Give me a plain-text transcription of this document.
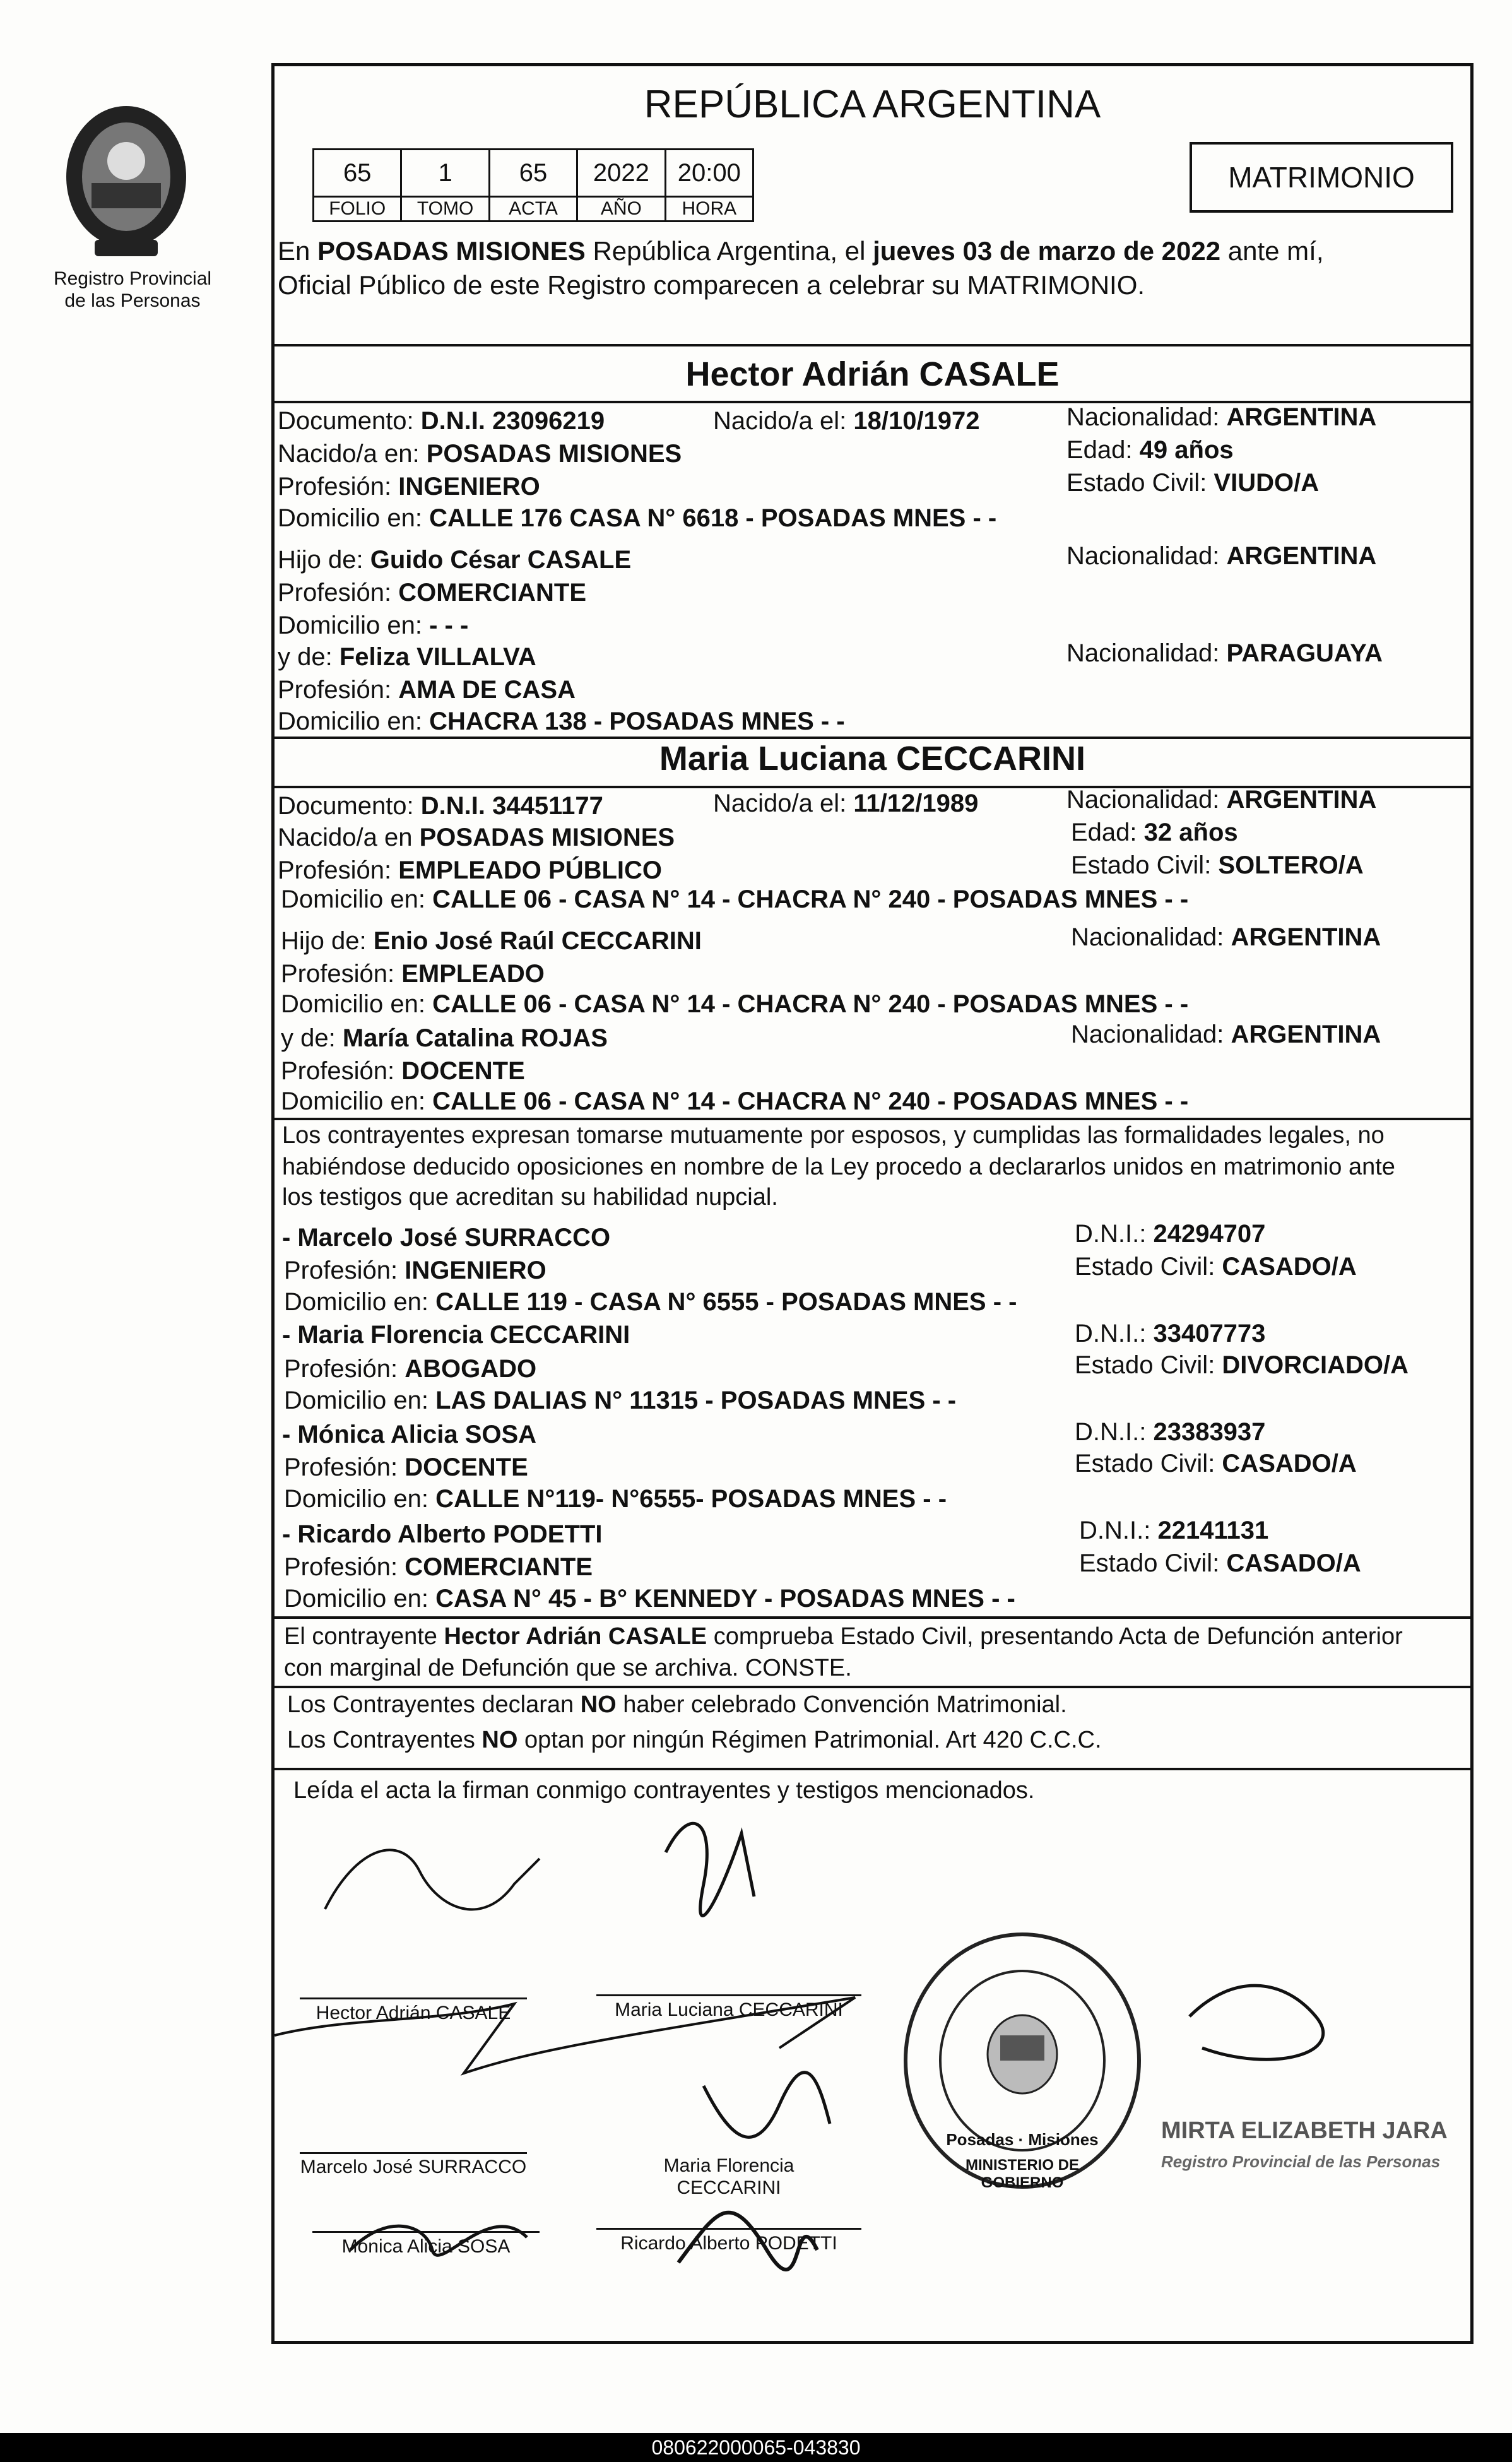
Registro Provincial
de las Personas
REPÚBLICA ARGENTINA
65	1	65	2022	20:00
FOLIO	TOMO	ACTA	AÑO	HORA
MATRIMONIO
En POSADAS MISIONES República Argentina, el jueves 03 de marzo de 2022 ante mí,
Oficial Público de este Registro comparecen a celebrar su MATRIMONIO.
Hector Adrián CASALE
Documento: D.N.I. 23096219	Nacido/a el: 18/10/1972	Nacionalidad: ARGENTINA
Nacido/a en: POSADAS MISIONES	Edad: 49 años
Profesión: INGENIERO	Estado Civil: VIUDO/A
Domicilio en: CALLE 176 CASA N° 6618 - POSADAS MNES - -
Hijo de: Guido César CASALE	Nacionalidad: ARGENTINA
Profesión: COMERCIANTE
Domicilio en: - - -
y de: Feliza VILLALVA	Nacionalidad: PARAGUAYA
Profesión: AMA DE CASA
Domicilio en: CHACRA 138 - POSADAS MNES - -
Maria Luciana CECCARINI
Documento: D.N.I. 34451177	Nacido/a el: 11/12/1989	Nacionalidad: ARGENTINA
Nacido/a en POSADAS MISIONES	Edad: 32 años
Profesión: EMPLEADO PÚBLICO	Estado Civil: SOLTERO/A
Domicilio en: CALLE 06 - CASA N° 14 - CHACRA N° 240 - POSADAS MNES - -
Hijo de: Enio José Raúl CECCARINI	Nacionalidad: ARGENTINA
Profesión: EMPLEADO
Domicilio en: CALLE 06 - CASA N° 14 - CHACRA N° 240 - POSADAS MNES - -
y de: María Catalina ROJAS	Nacionalidad: ARGENTINA
Profesión: DOCENTE
Domicilio en: CALLE 06 - CASA N° 14 - CHACRA N° 240 - POSADAS MNES - -
Los contrayentes expresan tomarse mutuamente por esposos, y cumplidas las formalidades legales, no
habiéndose deducido oposiciones en nombre de la Ley procedo a declararlos unidos en matrimonio ante
los testigos que acreditan su habilidad nupcial.
- Marcelo José SURRACCO
Profesión: INGENIERO
Domicilio en: CALLE 119 - CASA N° 6555 - POSADAS MNES - -
D.N.I.: 24294707
Estado Civil: CASADO/A
- Maria Florencia CECCARINI
Profesión: ABOGADO
Domicilio en: LAS DALIAS N° 11315 - POSADAS MNES - -
D.N.I.: 33407773
Estado Civil: DIVORCIADO/A
- Mónica Alicia SOSA
Profesión: DOCENTE
Domicilio en: CALLE N°119- N°6555- POSADAS MNES - -
D.N.I.: 23383937
Estado Civil: CASADO/A
- Ricardo Alberto PODETTI
Profesión: COMERCIANTE
Domicilio en: CASA N° 45 - B° KENNEDY - POSADAS MNES - -
D.N.I.: 22141131
Estado Civil: CASADO/A
El contrayente Hector Adrián CASALE comprueba Estado Civil, presentando Acta de Defunción anterior
con marginal de Defunción que se archiva. CONSTE.
Los Contrayentes declaran NO haber celebrado Convención Matrimonial.
Los Contrayentes NO optan por ningún Régimen Patrimonial. Art 420 C.C.C.
Leída el acta la firman conmigo contrayentes y testigos mencionados.
Hector Adrián CASALE	Maria Luciana CECCARINI
Marcelo José SURRACCO	Maria Florencia
CECCARINI
Mónica Alicia SOSA	Ricardo Alberto PODETTI
Posadas · Misiones
MINISTERIO DE GOBIERNO
MIRTA ELIZABETH JARA
Registro Provincial de las Personas
080622000065-043830
